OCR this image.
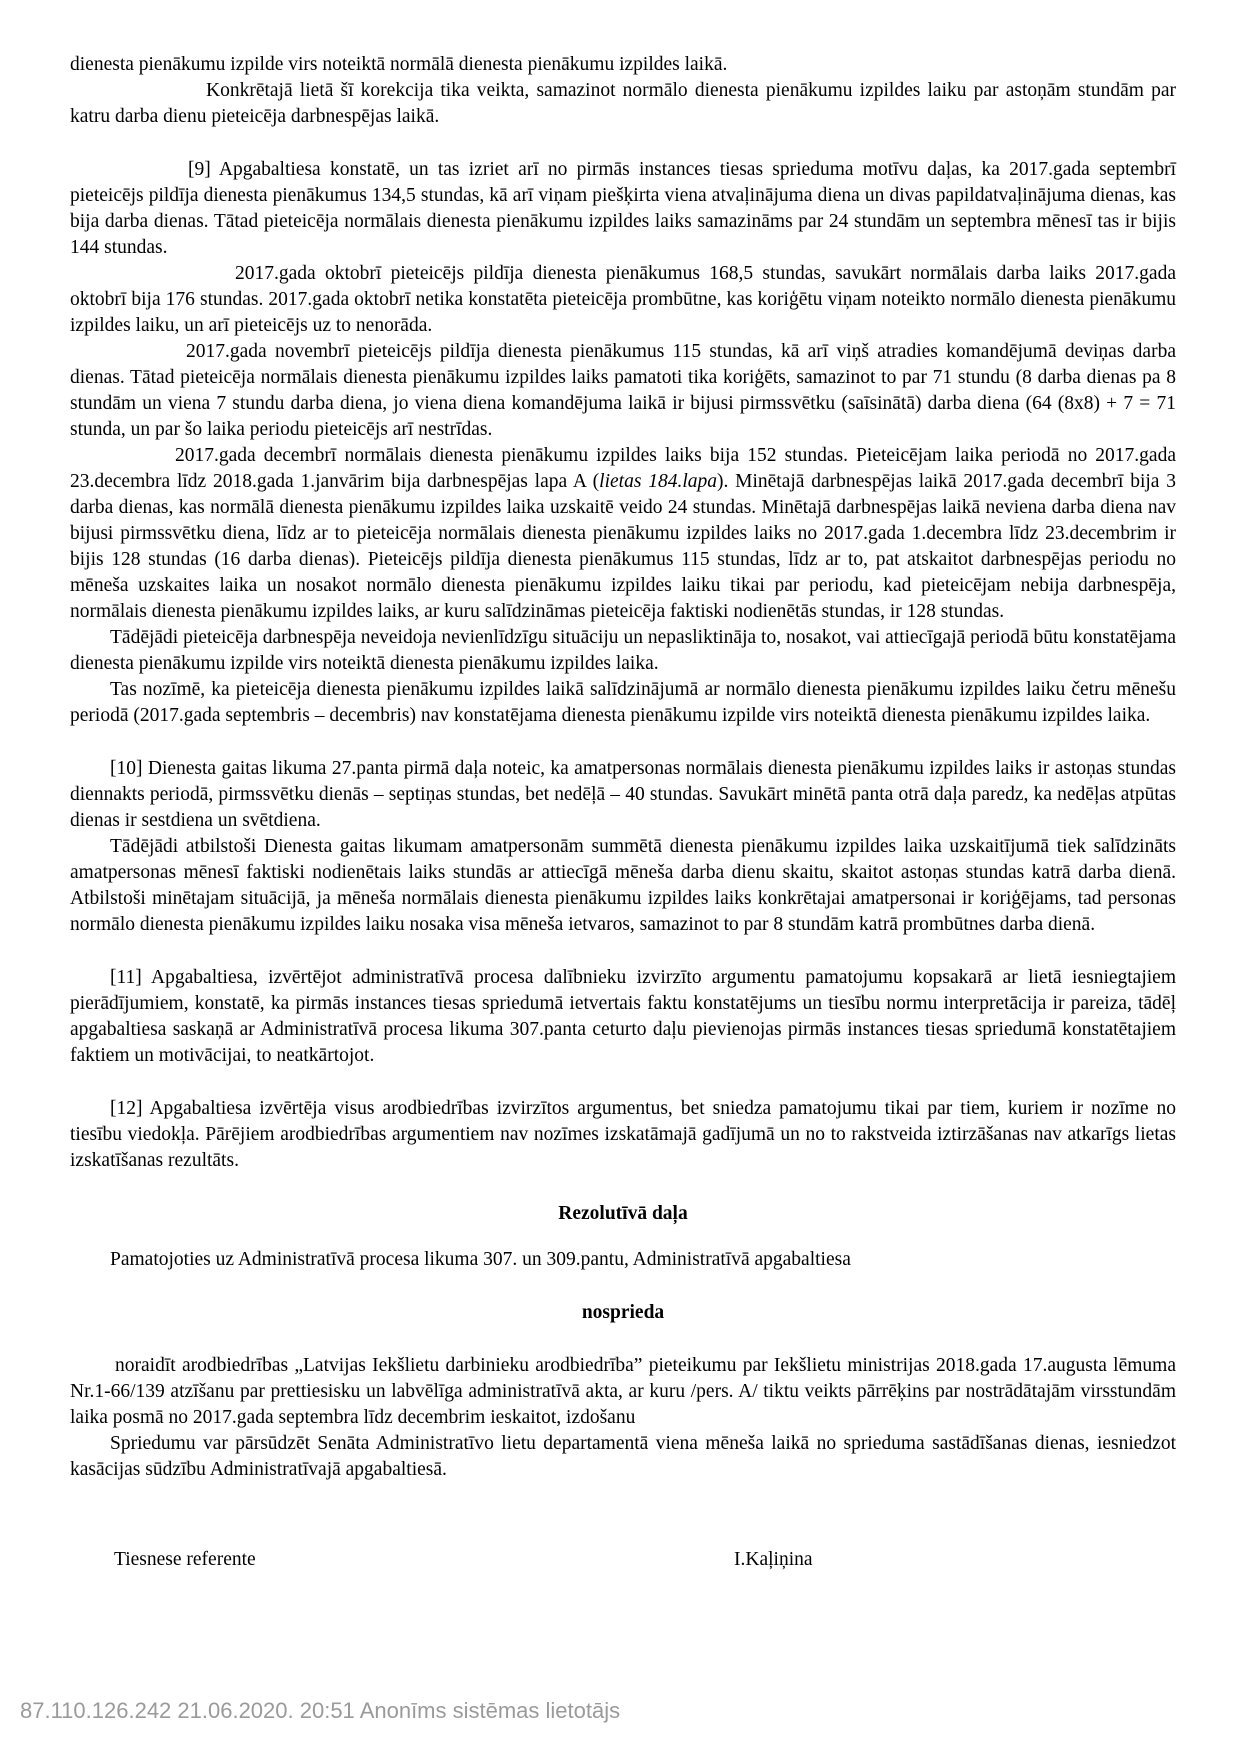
dienesta pienākumu izpilde virs noteiktā normālā dienesta pienākumu izpildes laikā.

Konkrētajā lietā šī korekcija tika veikta, samazinot normālo dienesta pienākumu izpildes laiku par astoņām stundām par katru darba dienu pieteicēja darbnespējas laikā.

[9] Apgabaltiesa konstatē, un tas izriet arī no pirmās instances tiesas sprieduma motīvu daļas, ka 2017.gada septembrī pieteicējs pildīja dienesta pienākumus 134,5 stundas, kā arī viņam piešķirta viena atvaļinājuma diena un divas papildatvaļinājuma dienas, kas bija darba dienas. Tātad pieteicēja normālais dienesta pienākumu izpildes laiks samazināms par 24 stundām un septembra mēnesī tas ir bijis 144 stundas.

2017.gada oktobrī pieteicējs pildīja dienesta pienākumus 168,5 stundas, savukārt normālais darba laiks 2017.gada oktobrī bija 176 stundas. 2017.gada oktobrī netika konstatēta pieteicēja prombūtne, kas koriģētu viņam noteikto normālo dienesta pienākumu izpildes laiku, un arī pieteicējs uz to nenorāda.

2017.gada novembrī pieteicējs pildīja dienesta pienākumus 115 stundas, kā arī viņš atradies komandējumā deviņas darba dienas. Tātad pieteicēja normālais dienesta pienākumu izpildes laiks pamatoti tika koriģēts, samazinot to par 71 stundu (8 darba dienas pa 8 stundām un viena 7 stundu darba diena, jo viena diena komandējuma laikā ir bijusi pirmssvētku (saīsinātā) darba diena (64 (8x8) + 7 = 71 stunda, un par šo laika periodu pieteicējs arī nestrīdas.

2017.gada decembrī normālais dienesta pienākumu izpildes laiks bija 152 stundas. Pieteicējam laika periodā no 2017.gada 23.decembra līdz 2018.gada 1.janvārim bija darbnespējas lapa A (lietas 184.lapa). Minētajā darbnespējas laikā 2017.gada decembrī bija 3 darba dienas, kas normālā dienesta pienākumu izpildes laika uzskaitē veido 24 stundas. Minētajā darbnespējas laikā neviena darba diena nav bijusi pirmssvētku diena, līdz ar to pieteicēja normālais dienesta pienākumu izpildes laiks no 2017.gada 1.decembra līdz 23.decembrim ir bijis 128 stundas (16 darba dienas). Pieteicējs pildīja dienesta pienākumus 115 stundas, līdz ar to, pat atskaitot darbnespējas periodu no mēneša uzskaites laika un nosakot normālo dienesta pienākumu izpildes laiku tikai par periodu, kad pieteicējam nebija darbnespēja, normālais dienesta pienākumu izpildes laiks, ar kuru salīdzināmas pieteicēja faktiski nodienētās stundas, ir 128 stundas.

Tādējādi pieteicēja darbnespēja neveidoja nevienlīdzīgu situāciju un nepasliktināja to, nosakot, vai attiecīgajā periodā būtu konstatējama dienesta pienākumu izpilde virs noteiktā dienesta pienākumu izpildes laika.

Tas nozīmē, ka pieteicēja dienesta pienākumu izpildes laikā salīdzinājumā ar normālo dienesta pienākumu izpildes laiku četru mēnešu periodā (2017.gada septembris – decembris) nav konstatējama dienesta pienākumu izpilde virs noteiktā dienesta pienākumu izpildes laika.

[10] Dienesta gaitas likuma 27.panta pirmā daļa noteic, ka amatpersonas normālais dienesta pienākumu izpildes laiks ir astoņas stundas diennakts periodā, pirmssvētku dienās – septiņas stundas, bet nedēļā – 40 stundas. Savukārt minētā panta otrā daļa paredz, ka nedēļas atpūtas dienas ir sestdiena un svētdiena.

Tādējādi atbilstoši Dienesta gaitas likumam amatpersonām summētā dienesta pienākumu izpildes laika uzskaitījumā tiek salīdzināts amatpersonas mēnesī faktiski nodienētais laiks stundās ar attiecīgā mēneša darba dienu skaitu, skaitot astoņas stundas katrā darba dienā. Atbilstoši minētajam situācijā, ja mēneša normālais dienesta pienākumu izpildes laiks konkrētajai amatpersonai ir koriģējams, tad personas normālo dienesta pienākumu izpildes laiku nosaka visa mēneša ietvaros, samazinot to par 8 stundām katrā prombūtnes darba dienā.

[11] Apgabaltiesa, izvērtējot administratīvā procesa dalībnieku izvirzīto argumentu pamatojumu kopsakarā ar lietā iesniegtajiem pierādījumiem, konstatē, ka pirmās instances tiesas spriedumā ietvertais faktu konstatējums un tiesību normu interpretācija ir pareiza, tādēļ apgabaltiesa saskaņā ar Administratīvā procesa likuma 307.panta ceturto daļu pievienojas pirmās instances tiesas spriedumā konstatētajiem faktiem un motivācijai, to neatkārtojot.

[12] Apgabaltiesa izvērtēja visus arodbiedrības izvirzītos argumentus, bet sniedza pamatojumu tikai par tiem, kuriem ir nozīme no tiesību viedokļa. Pārējiem arodbiedrības argumentiem nav nozīmes izskatāmajā gadījumā un no to rakstveida iztirzāšanas nav atkarīgs lietas izskatīšanas rezultāts.

Rezolutīvā daļa

Pamatojoties uz Administratīvā procesa likuma 307. un 309.pantu, Administratīvā apgabaltiesa

nosprieda

noraidīt arodbiedrības „Latvijas Iekšlietu darbinieku arodbiedrība” pieteikumu par Iekšlietu ministrijas 2018.gada 17.augusta lēmuma Nr.1-66/139 atzīšanu par prettiesisku un labvēlīga administratīvā akta, ar kuru /pers. A/ tiktu veikts pārrēķins par nostrādātajām virsstundām laika posmā no 2017.gada septembra līdz decembrim ieskaitot, izdošanu

Spriedumu var pārsūdzēt Senāta Administratīvo lietu departamentā viena mēneša laikā no sprieduma sastādīšanas dienas, iesniedzot kasācijas sūdzību Administratīvajā apgabaltiesā.

Tiesnese referente	I.Kaļiņina
87.110.126.242 21.06.2020. 20:51 Anonīms sistēmas lietotājs
